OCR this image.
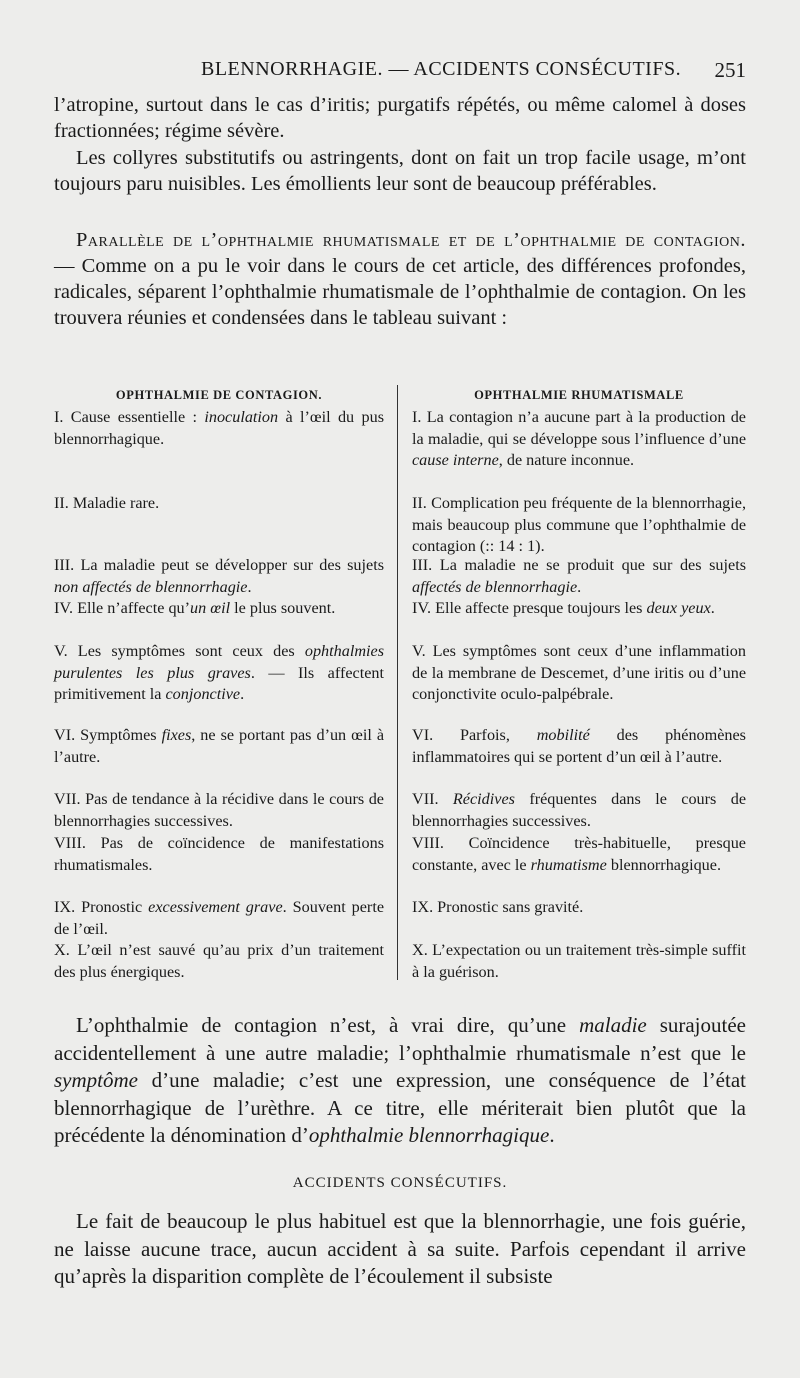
BLENNORRHAGIE. — ACCIDENTS CONSÉCUTIFS. 251

l’atropine, surtout dans le cas d’iritis; purgatifs répétés, ou même calomel à doses fractionnées; régime sévère.

Les collyres substitutifs ou astringents, dont on fait un trop facile usage, m’ont toujours paru nuisibles. Les émollients leur sont de beaucoup préférables.

Parallèle de l’ophthalmie rhumatismale et de l’ophthalmie de contagion. — Comme on a pu le voir dans le cours de cet article, des différences profondes, radicales, séparent l’ophthalmie rhumatismale de l’ophthalmie de contagion. On les trouvera réunies et condensées dans le tableau suivant :

OPHTHALMIE DE CONTAGION.

I. Cause essentielle : inoculation à l’œil du pus blennorrhagique.

II. Maladie rare.

III. La maladie peut se développer sur des sujets non affectés de blennorrhagie.

IV. Elle n’affecte qu’un œil le plus souvent.

V. Les symptômes sont ceux des ophthalmies purulentes les plus graves. — Ils affectent primitivement la conjonctive.

VI. Symptômes fixes, ne se portant pas d’un œil à l’autre.

VII. Pas de tendance à la récidive dans le cours de blennorrhagies successives.

VIII. Pas de coïncidence de manifestations rhumatismales.

IX. Pronostic excessivement grave. Souvent perte de l’œil.

X. L’œil n’est sauvé qu’au prix d’un traitement des plus énergiques.

OPHTHALMIE RHUMATISMALE

I. La contagion n’a aucune part à la production de la maladie, qui se développe sous l’influence d’une cause interne, de nature inconnue.

II. Complication peu fréquente de la blennorrhagie, mais beaucoup plus commune que l’ophthalmie de contagion (:: 14 : 1).

III. La maladie ne se produit que sur des sujets affectés de blennorrhagie.

IV. Elle affecte presque toujours les deux yeux.

V. Les symptômes sont ceux d’une inflammation de la membrane de Descemet, d’une iritis ou d’une conjonctivite oculo-palpébrale.

VI. Parfois, mobilité des phénomènes inflammatoires qui se portent d’un œil à l’autre.

VII. Récidives fréquentes dans le cours de blennorrhagies successives.

VIII. Coïncidence très-habituelle, presque constante, avec le rhumatisme blennorrhagique.

IX. Pronostic sans gravité.

X. L’expectation ou un traitement très-simple suffit à la guérison.

L’ophthalmie de contagion n’est, à vrai dire, qu’une maladie surajoutée accidentellement à une autre maladie; l’ophthalmie rhumatismale n’est que le symptôme d’une maladie; c’est une expression, une conséquence de l’état blennorrhagique de l’urèthre. A ce titre, elle mériterait bien plutôt que la précédente la dénomination d’ophthalmie blennorrhagique.

ACCIDENTS CONSÉCUTIFS.

Le fait de beaucoup le plus habituel est que la blennorrhagie, une fois guérie, ne laisse aucune trace, aucun accident à sa suite. Parfois cependant il arrive qu’après la disparition complète de l’écoulement il subsiste
